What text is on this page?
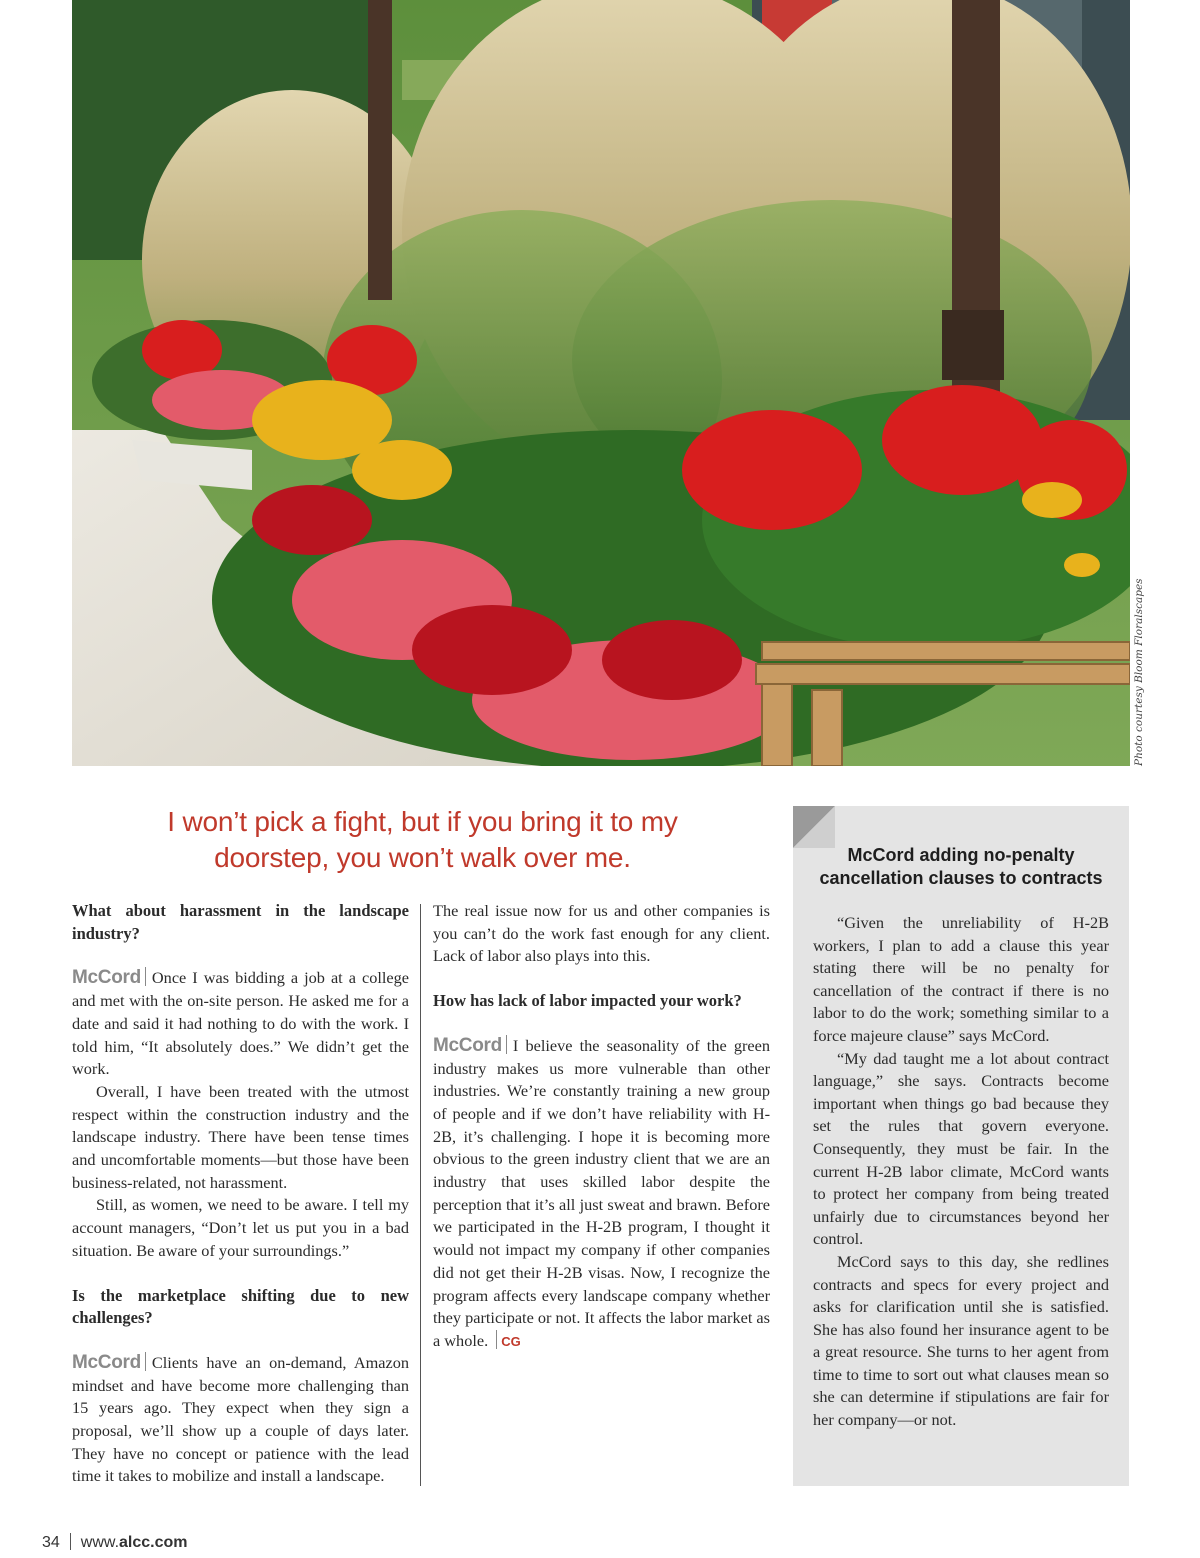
Photo courtesy Bloom Floralscapes
I won’t pick a fight, but if you bring it to my
doorstep, you won’t walk over me.
What about harassment in the landscape industry?

McCord Once I was bidding a job at a college and met with the on-site person. He asked me for a date and said it had nothing to do with the work. I told him, “It absolutely does.” We didn’t get the work.

Overall, I have been treated with the utmost respect within the construction industry and the landscape industry. There have been tense times and uncomfortable moments—but those have been business-related, not harassment.

Still, as women, we need to be aware. I tell my account managers, “Don’t let us put you in a bad situation. Be aware of your surroundings.”

Is the marketplace shifting due to new challenges?

McCord Clients have an on-demand, Amazon mindset and have become more challenging than 15 years ago. They expect when they sign a proposal, we’ll show up a couple of days later. They have no concept or patience with the lead time it takes to mobilize and install a landscape.

The real issue now for us and other companies is you can’t do the work fast enough for any client. Lack of labor also plays into this.

How has lack of labor impacted your work?

McCord I believe the seasonality of the green industry makes us more vulnerable than other industries. We’re constantly training a new group of people and if we don’t have reliability with H-2B, it’s challenging. I hope it is becoming more obvious to the green industry client that we are an industry that uses skilled labor despite the perception that it’s all just sweat and brawn. Before we participated in the H-2B program, I thought it would not impact my company if other companies did not get their H-2B visas. Now, I recognize the program affects every landscape company whether they participate or not. It affects the labor market as a whole. CG

McCord adding no-penalty
cancellation clauses to contracts

“Given the unreliability of H-2B workers, I plan to add a clause this year stating there will be no penalty for cancellation of the contract if there is no labor to do the work; something similar to a force majeure clause” says McCord.

“My dad taught me a lot about contract language,” she says. Contracts become important when things go bad because they set the rules that govern everyone. Consequently, they must be fair. In the current H-2B labor climate, McCord wants to protect her company from being treated unfairly due to circumstances beyond her control.

McCord says to this day, she redlines contracts and specs for every project and asks for clarification until she is satisfied. She has also found her insurance agent to be a great resource. She turns to her agent from time to time to sort out what clauses mean so she can determine if stipulations are fair for her company—or not.

34 www.alcc.com
